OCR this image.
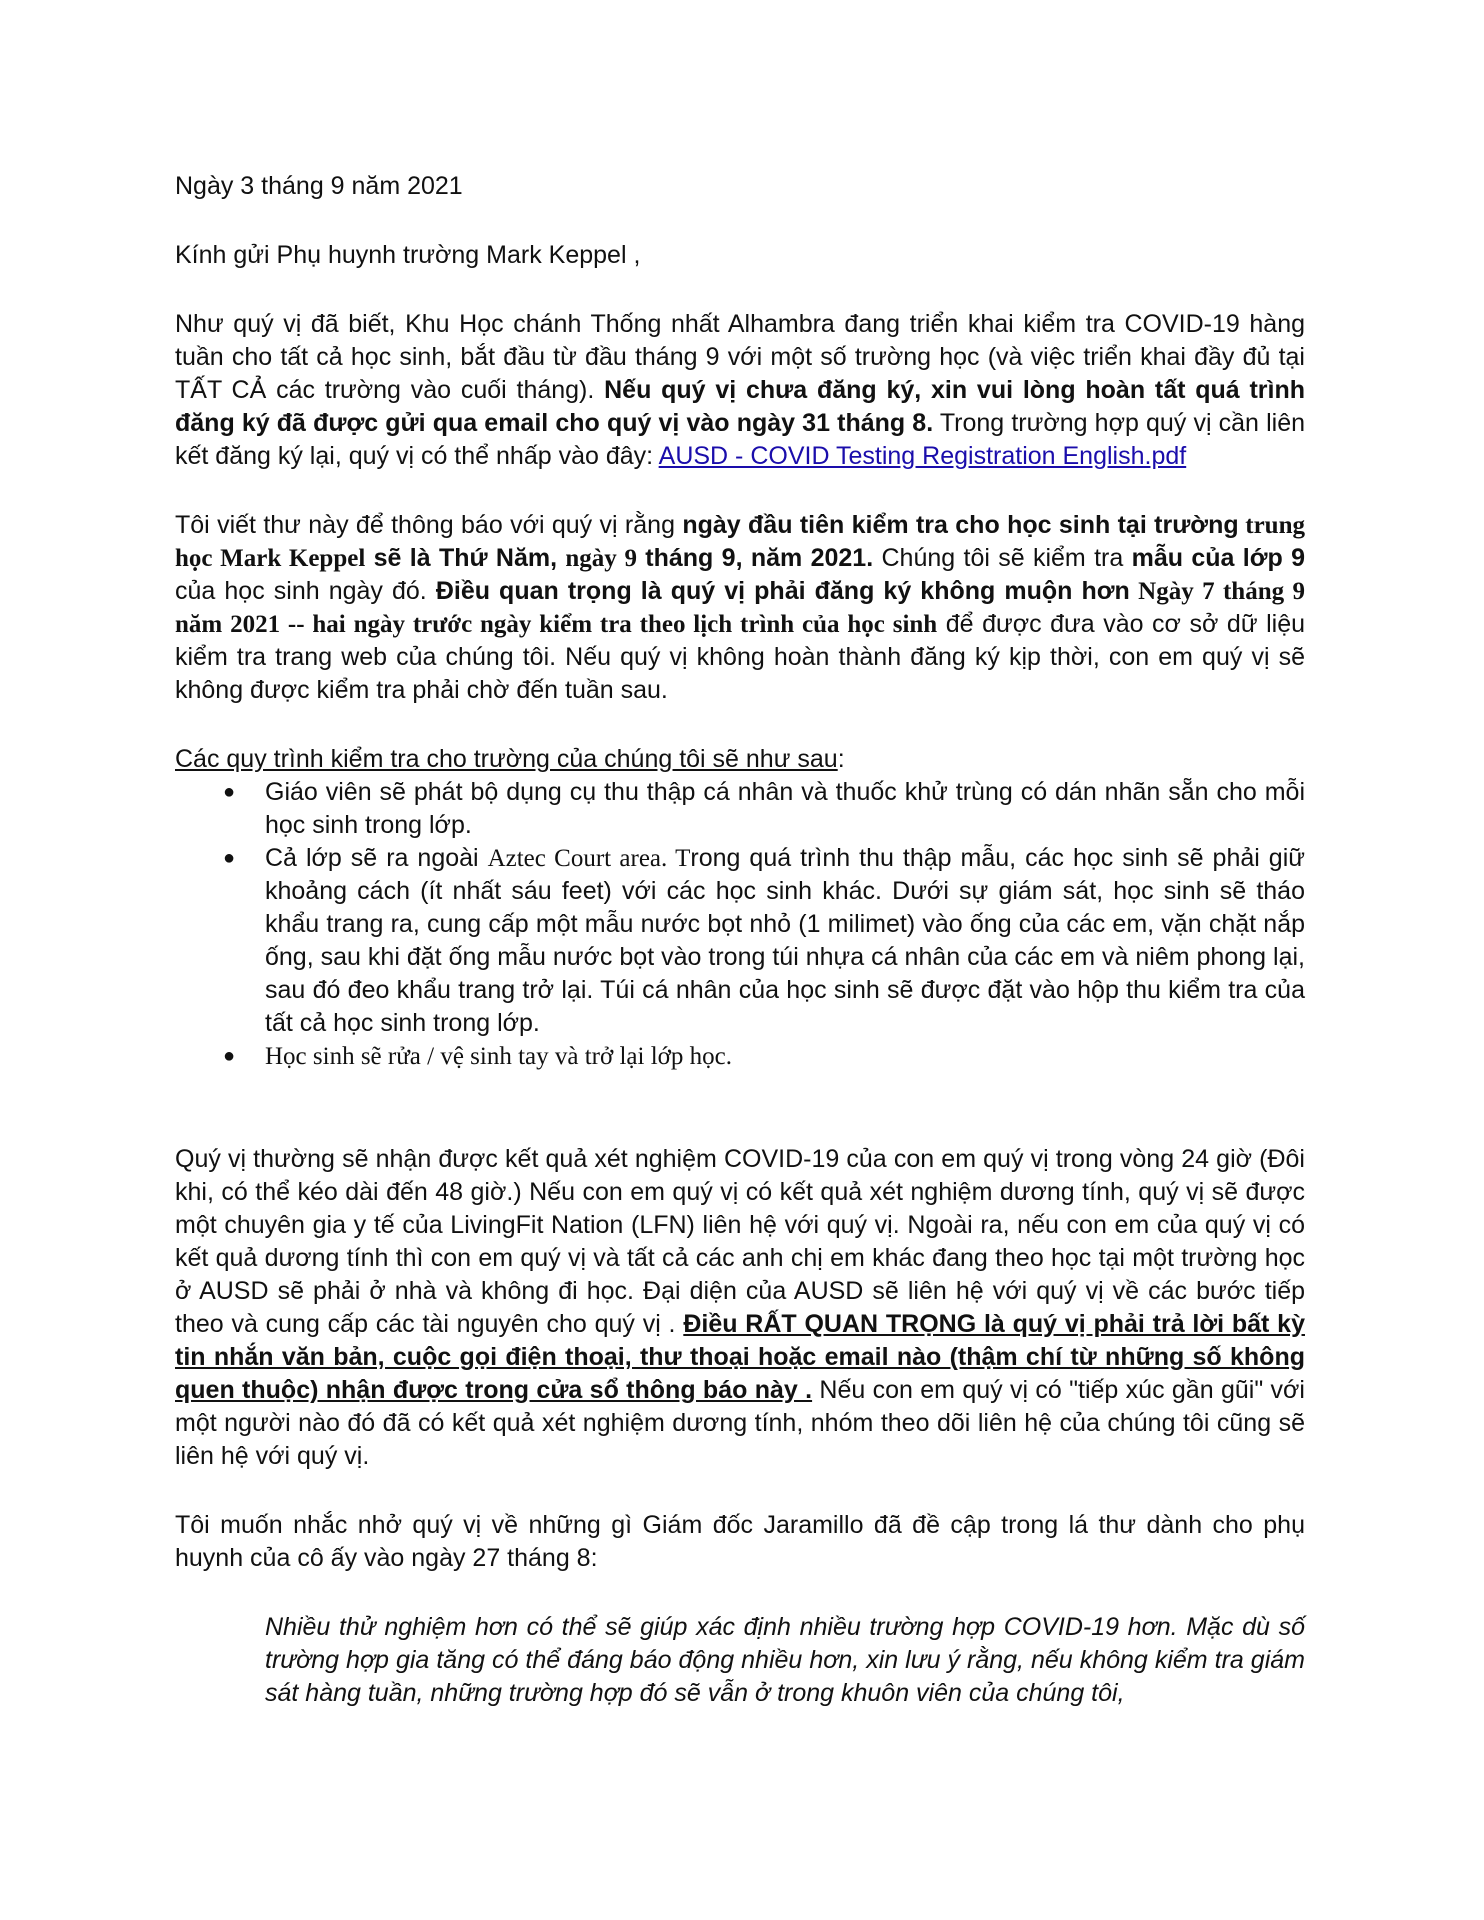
Ngày 3 tháng 9 năm 2021

Kính gửi Phụ huynh trường Mark Keppel ,

Như quý vị đã biết, Khu Học chánh Thống nhất Alhambra đang triển khai kiểm tra COVID-19 hàng tuần cho tất cả học sinh, bắt đầu từ đầu tháng 9 với một số trường học (và việc triển khai đầy đủ tại TẤT CẢ các trường vào cuối tháng). Nếu quý vị chưa đăng ký, xin vui lòng hoàn tất quá trình đăng ký đã được gửi qua email cho quý vị vào ngày 31 tháng 8. Trong trường hợp quý vị cần liên kết đăng ký lại, quý vị có thể nhấp vào đây: AUSD - COVID Testing Registration English.pdf

Tôi viết thư này để thông báo với quý vị rằng ngày đầu tiên kiểm tra cho học sinh tại trường trung học Mark Keppel sẽ là Thứ Năm, ngày 9 tháng 9, năm 2021. Chúng tôi sẽ kiểm tra mẫu của lớp 9 của học sinh ngày đó. Điều quan trọng là quý vị phải đăng ký không muộn hơn Ngày 7 tháng 9 năm 2021 -- hai ngày trước ngày kiểm tra theo lịch trình của học sinh để được đưa vào cơ sở dữ liệu kiểm tra trang web của chúng tôi. Nếu quý vị không hoàn thành đăng ký kịp thời, con em quý vị sẽ không được kiểm tra phải chờ đến tuần sau.

Các quy trình kiểm tra cho trường của chúng tôi sẽ như sau:

● Giáo viên sẽ phát bộ dụng cụ thu thập cá nhân và thuốc khử trùng có dán nhãn sẵn cho mỗi học sinh trong lớp.
● Cả lớp sẽ ra ngoài Aztec Court area. Trong quá trình thu thập mẫu, các học sinh sẽ phải giữ khoảng cách (ít nhất sáu feet) với các học sinh khác. Dưới sự giám sát, học sinh sẽ tháo khẩu trang ra, cung cấp một mẫu nước bọt nhỏ (1 milimet) vào ống của các em, vặn chặt nắp ống, sau khi đặt ống mẫu nước bọt vào trong túi nhựa cá nhân của các em và niêm phong lại, sau đó đeo khẩu trang trở lại. Túi cá nhân của học sinh sẽ được đặt vào hộp thu kiểm tra của tất cả học sinh trong lớp.
● Học sinh sẽ rửa / vệ sinh tay và trở lại lớp học.

Quý vị thường sẽ nhận được kết quả xét nghiệm COVID-19 của con em quý vị trong vòng 24 giờ (Đôi khi, có thể kéo dài đến 48 giờ.) Nếu con em quý vị có kết quả xét nghiệm dương tính, quý vị sẽ được một chuyên gia y tế của LivingFit Nation (LFN) liên hệ với quý vị. Ngoài ra, nếu con em của quý vị có kết quả dương tính thì con em quý vị và tất cả các anh chị em khác đang theo học tại một trường học ở AUSD sẽ phải ở nhà và không đi học. Đại diện của AUSD sẽ liên hệ với quý vị về các bước tiếp theo và cung cấp các tài nguyên cho quý vị . Điều RẤT QUAN TRỌNG là quý vị phải trả lời bất kỳ tin nhắn văn bản, cuộc gọi điện thoại, thư thoại hoặc email nào (thậm chí từ những số không quen thuộc) nhận được trong cửa sổ thông báo này . Nếu con em quý vị có "tiếp xúc gần gũi" với một người nào đó đã có kết quả xét nghiệm dương tính, nhóm theo dõi liên hệ của chúng tôi cũng sẽ liên hệ với quý vị.

Tôi muốn nhắc nhở quý vị về những gì Giám đốc Jaramillo đã đề cập trong lá thư dành cho phụ huynh của cô ấy vào ngày 27 tháng 8:

Nhiều thử nghiệm hơn có thể sẽ giúp xác định nhiều trường hợp COVID-19 hơn. Mặc dù số trường hợp gia tăng có thể đáng báo động nhiều hơn, xin lưu ý rằng, nếu không kiểm tra giám sát hàng tuần, những trường hợp đó sẽ vẫn ở trong khuôn viên của chúng tôi,
